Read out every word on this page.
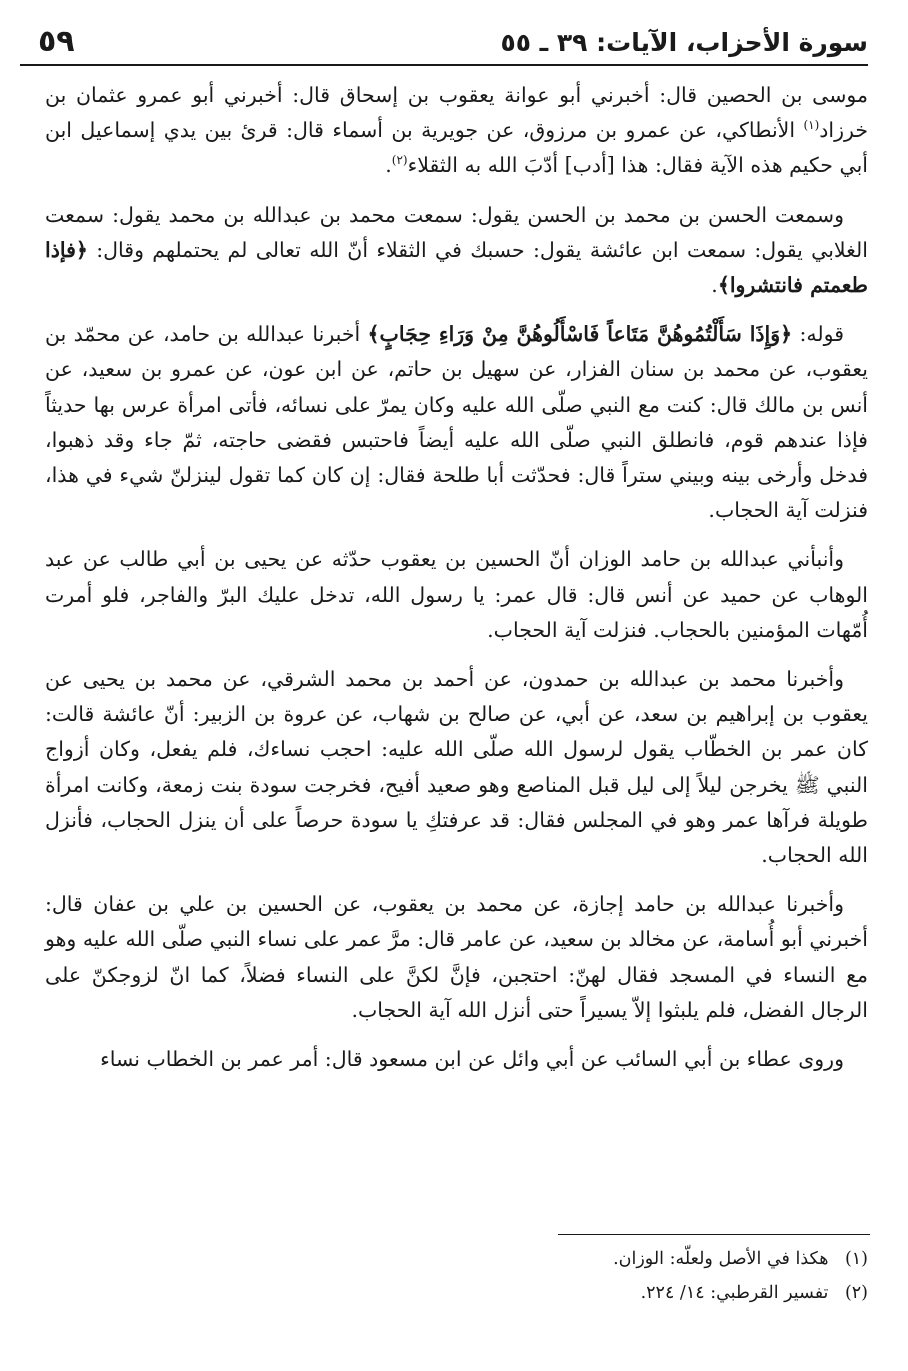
٥٩	سورة الأحزاب، الآيات: ٣٩ ـ ٥٥

موسى بن الحصين قال: أخبرني أبو عوانة يعقوب بن إسحاق قال: أخبرني أبو عمرو عثمان بن خرزاد$^{(١)}$ الأنطاكي، عن عمرو بن مرزوق، عن جويرية بن أسماء قال: قرئ بين يدي إسماعيل ابن أبي حكيم هذه الآية فقال: هذا [أدب] أدّبَ الله به الثقلاء$^{(٢)}$.

وسمعت الحسن بن محمد بن الحسن يقول: سمعت محمد بن عبدالله بن محمد يقول: سمعت الغلابي يقول: سمعت ابن عائشة يقول: حسبك في الثقلاء أنّ الله تعالى لم يحتملهم وقال: ﴿فإذا طعمتم فانتشروا﴾.

قوله: ﴿وَإِذَا سَأَلْتُمُوهُنَّ مَتَاعاً فَاسْأَلُوهُنَّ مِنْ وَرَاءِ حِجَابٍ﴾ أخبرنا عبدالله بن حامد، عن محمّد بن يعقوب، عن محمد بن سنان الفزار، عن سهيل بن حاتم، عن ابن عون، عن عمرو بن سعيد، عن أنس بن مالك قال: كنت مع النبي صلّى الله عليه وكان يمرّ على نسائه، فأتى امرأة عرس بها حديثاً فإذا عندهم قوم، فانطلق النبي صلّى الله عليه أيضاً فاحتبس فقضى حاجته، ثمّ جاء وقد ذهبوا، فدخل وأرخى بينه وبيني ستراً قال: فحدّثت أبا طلحة فقال: إن كان كما تقول لينزلنّ شيء في هذا، فنزلت آية الحجاب.

وأنبأني عبدالله بن حامد الوزان أنّ الحسين بن يعقوب حدّثه عن يحيى بن أبي طالب عن عبد الوهاب عن حميد عن أنس قال: قال عمر: يا رسول الله، تدخل عليك البرّ والفاجر، فلو أمرت أُمّهات المؤمنين بالحجاب. فنزلت آية الحجاب.

وأخبرنا محمد بن عبدالله بن حمدون، عن أحمد بن محمد الشرقي، عن محمد بن يحيى عن يعقوب بن إبراهيم بن سعد، عن أبي، عن صالح بن شهاب، عن عروة بن الزبير: أنّ عائشة قالت: كان عمر بن الخطّاب يقول لرسول الله صلّى الله عليه: احجب نساءك، فلم يفعل، وكان أزواج النبي ﷺ يخرجن ليلاً إلى ليل قبل المناصع وهو صعيد أفيح، فخرجت سودة بنت زمعة، وكانت امرأة طويلة فرآها عمر وهو في المجلس فقال: قد عرفتكِ يا سودة حرصاً على أن ينزل الحجاب، فأنزل الله الحجاب.

وأخبرنا عبدالله بن حامد إجازة، عن محمد بن يعقوب، عن الحسين بن علي بن عفان قال: أخبرني أبو أُسامة، عن مخالد بن سعيد، عن عامر قال: مرَّ عمر على نساء النبي صلّى الله عليه وهو مع النساء في المسجد فقال لهنّ: احتجبن، فإنَّ لكنَّ على النساء فضلاً، كما انّ لزوجكنّ على الرجال الفضل، فلم يلبثوا إلاّ يسيراً حتى أنزل الله آية الحجاب.

وروى عطاء بن أبي السائب عن أبي وائل عن ابن مسعود قال: أمر عمر بن الخطاب نساء

(١) هكذا في الأصل ولعلّه: الوزان.

(٢) تفسير القرطبي: ١٤/ ٢٢٤.
